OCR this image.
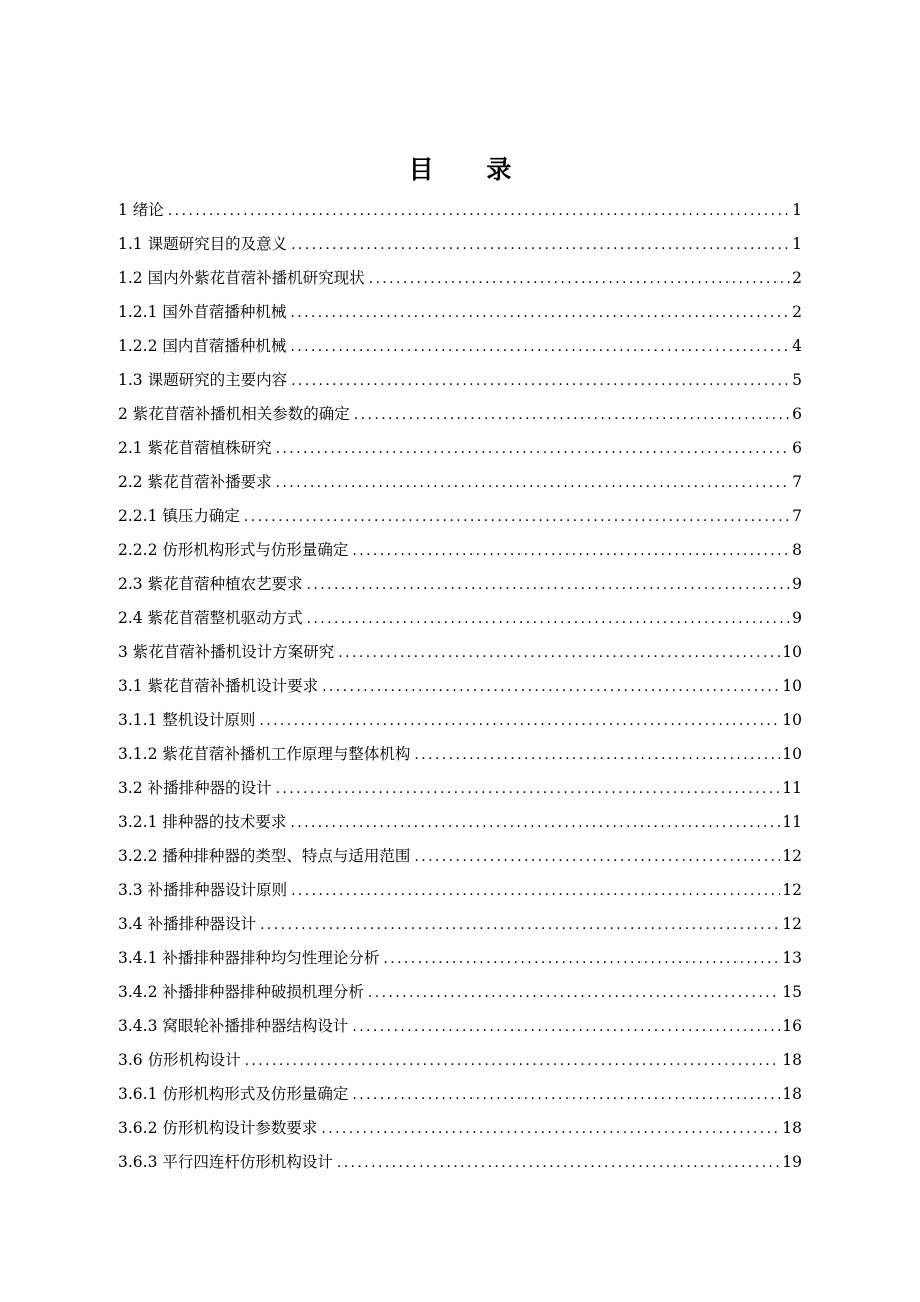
目 录
1 绪论 .....	1
1.1 课题研究目的及意义 .....	1
1.2 国内外紫花苜蓿补播机研究现状 .....	2
1.2.1 国外苜蓿播种机械 .....	2
1.2.2 国内苜蓿播种机械 .....	4
1.3 课题研究的主要内容 .....	5
2 紫花苜蓿补播机相关参数的确定 .....	6
2.1 紫花苜蓿植株研究 .....	6
2.2 紫花苜蓿补播要求 .....	7
2.2.1 镇压力确定 .....	7
2.2.2 仿形机构形式与仿形量确定 .....	8
2.3 紫花苜蓿种植农艺要求 .....	9
2.4 紫花苜蓿整机驱动方式 .....	9
3 紫花苜蓿补播机设计方案研究 .....	10
3.1 紫花苜蓿补播机设计要求 .....	10
3.1.1 整机设计原则 .....	10
3.1.2 紫花苜蓿补播机工作原理与整体机构 .....	10
3.2 补播排种器的设计 .....	11
3.2.1 排种器的技术要求 .....	11
3.2.2 播种排种器的类型、特点与适用范围 .....	12
3.3 补播排种器设计原则 .....	12
3.4 补播排种器设计 .....	12
3.4.1 补播排种器排种均匀性理论分析 .....	13
3.4.2 补播排种器排种破损机理分析 .....	15
3.4.3 窝眼轮补播排种器结构设计 .....	16
3.6 仿形机构设计 .....	18
3.6.1 仿形机构形式及仿形量确定 .....	18
3.6.2 仿形机构设计参数要求 .....	18
3.6.3 平行四连杆仿形机构设计 .....	19
